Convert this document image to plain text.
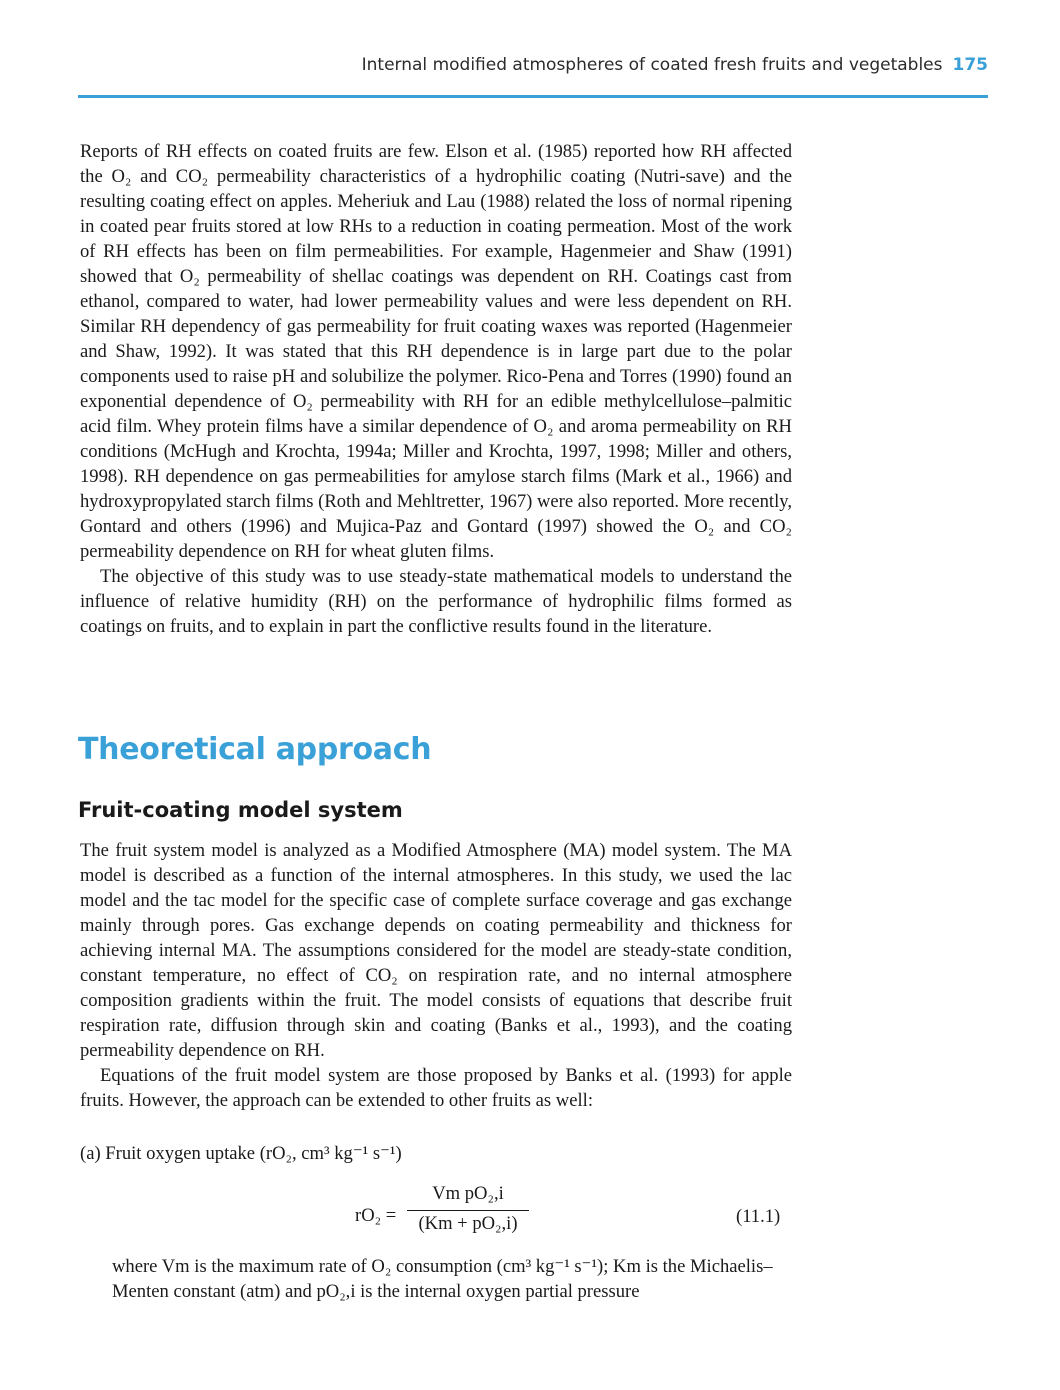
Internal modified atmospheres of coated fresh fruits and vegetables 175

Reports of RH effects on coated fruits are few. Elson et al. (1985) reported how RH affected the O₂ and CO₂ permeability characteristics of a hydrophilic coating (Nutri-save) and the resulting coating effect on apples. Meheriuk and Lau (1988) related the loss of normal ripening in coated pear fruits stored at low RHs to a reduction in coating permeation. Most of the work of RH effects has been on film permeabilities. For example, Hagenmeier and Shaw (1991) showed that O₂ permeability of shellac coatings was dependent on RH. Coatings cast from ethanol, compared to water, had lower permeability values and were less dependent on RH. Similar RH dependency of gas permeability for fruit coating waxes was reported (Hagenmeier and Shaw, 1992). It was stated that this RH dependence is in large part due to the polar components used to raise pH and solubilize the polymer. Rico-Pena and Torres (1990) found an exponential dependence of O₂ permeability with RH for an edible methylcellulose–palmitic acid film. Whey protein films have a similar dependence of O₂ and aroma permeability on RH conditions (McHugh and Krochta, 1994a; Miller and Krochta, 1997, 1998; Miller and others, 1998). RH dependence on gas permeabilities for amylose starch films (Mark et al., 1966) and hydroxypropylated starch films (Roth and Mehltretter, 1967) were also reported. More recently, Gontard and others (1996) and Mujica-Paz and Gontard (1997) showed the O₂ and CO₂ permeability dependence on RH for wheat gluten films.

The objective of this study was to use steady-state mathematical models to understand the influence of relative humidity (RH) on the performance of hydrophilic films formed as coatings on fruits, and to explain in part the conflictive results found in the literature.

Theoretical approach
Fruit-coating model system

The fruit system model is analyzed as a Modified Atmosphere (MA) model system. The MA model is described as a function of the internal atmospheres. In this study, we used the lac model and the tac model for the specific case of complete surface coverage and gas exchange mainly through pores. Gas exchange depends on coating permeability and thickness for achieving internal MA. The assumptions considered for the model are steady-state condition, constant temperature, no effect of CO₂ on respiration rate, and no internal atmosphere composition gradients within the fruit. The model consists of equations that describe fruit respiration rate, diffusion through skin and coating (Banks et al., 1993), and the coating permeability dependence on RH.

Equations of the fruit model system are those proposed by Banks et al. (1993) for apple fruits. However, the approach can be extended to other fruits as well:

(a) Fruit oxygen uptake (rO₂, cm³ kg⁻¹ s⁻¹)
rO₂ =
Vm pO₂,i
(Km + pO₂,i)	(11.1)
where Vm is the maximum rate of O₂ consumption (cm³ kg⁻¹ s⁻¹); Km is the Michaelis–Menten constant (atm) and pO₂,i is the internal oxygen partial pressure
